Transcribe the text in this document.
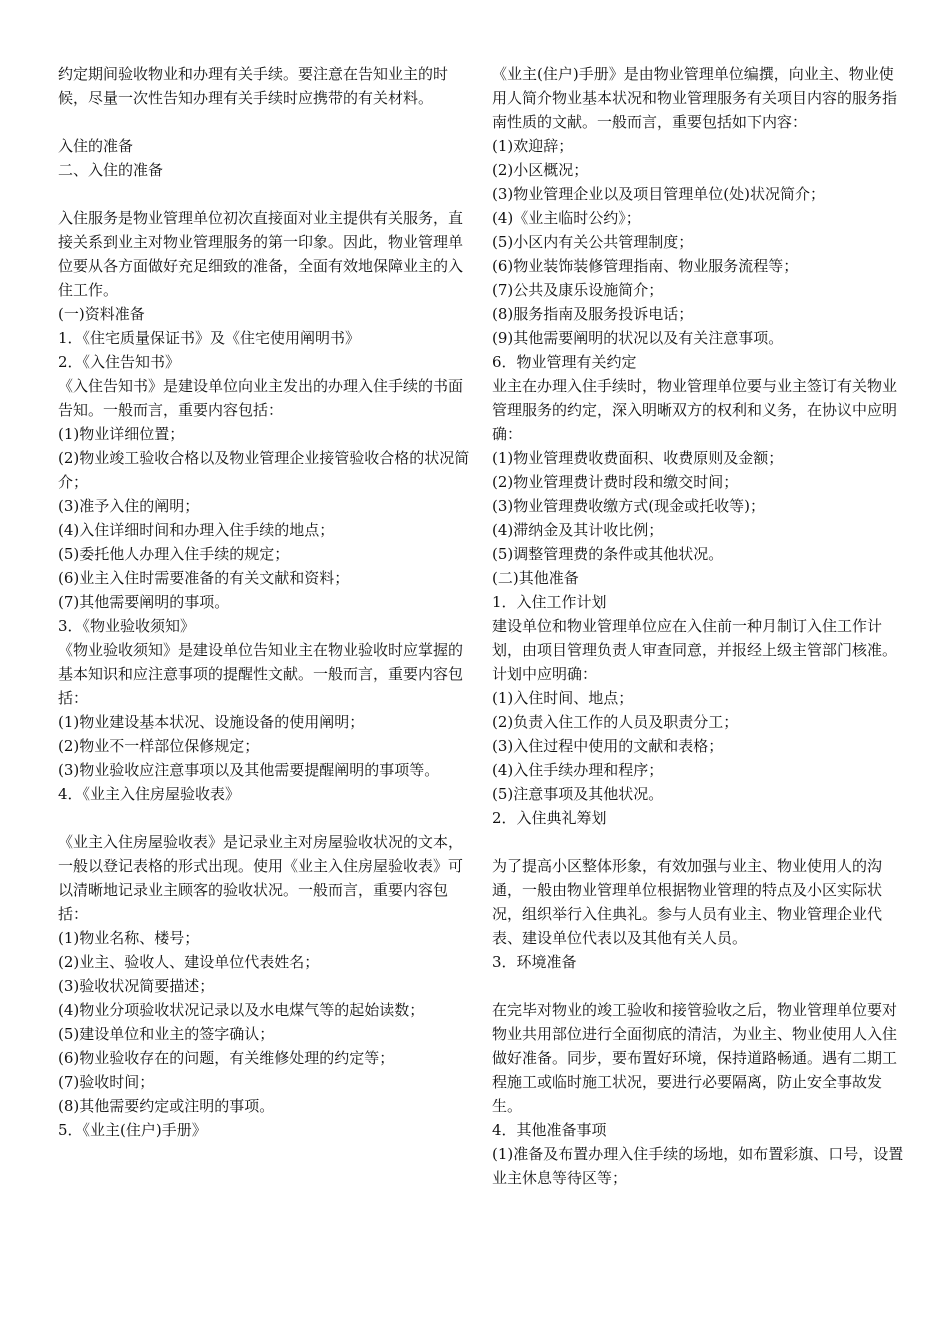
约定期间验收物业和办理有关手续。要注意在告知业主的时候，尽量一次性告知办理有关手续时应携带的有关材料。

入住的准备

二、入住的准备

入住服务是物业管理单位初次直接面对业主提供有关服务，直接关系到业主对物业管理服务的第一印象。因此，物业管理单位要从各方面做好充足细致的准备，全面有效地保障业主的入住工作。

(一)资料准备

1．《住宅质量保证书》及《住宅使用阐明书》

2．《入住告知书》

《入住告知书》是建设单位向业主发出的办理入住手续的书面告知。一般而言，重要内容包括：

(1)物业详细位置；

(2)物业竣工验收合格以及物业管理企业接管验收合格的状况简介；

(3)准予入住的阐明；

(4)入住详细时间和办理入住手续的地点；

(5)委托他人办理入住手续的规定；

(6)业主入住时需要准备的有关文献和资料；

(7)其他需要阐明的事项。

3．《物业验收须知》

《物业验收须知》是建设单位告知业主在物业验收时应掌握的基本知识和应注意事项的提醒性文献。一般而言，重要内容包括：

(1)物业建设基本状况、设施设备的使用阐明；

(2)物业不一样部位保修规定；

(3)物业验收应注意事项以及其他需要提醒阐明的事项等。

4．《业主入住房屋验收表》

《业主入住房屋验收表》是记录业主对房屋验收状况的文本，一般以登记表格的形式出现。使用《业主入住房屋验收表》可以清晰地记录业主顾客的验收状况。一般而言，重要内容包括：

(1)物业名称、楼号；

(2)业主、验收人、建设单位代表姓名；

(3)验收状况简要描述；

(4)物业分项验收状况记录以及水电煤气等的起始读数；

(5)建设单位和业主的签字确认；

(6)物业验收存在的问题，有关维修处理的约定等；

(7)验收时间；

(8)其他需要约定或注明的事项。

5．《业主(住户)手册》

《业主(住户)手册》是由物业管理单位编撰，向业主、物业使用人简介物业基本状况和物业管理服务有关项目内容的服务指南性质的文献。一般而言，重要包括如下内容：

(1)欢迎辞；

(2)小区概况；

(3)物业管理企业以及项目管理单位(处)状况简介；

(4)《业主临时公约》；

(5)小区内有关公共管理制度；

(6)物业装饰装修管理指南、物业服务流程等；

(7)公共及康乐设施简介；

(8)服务指南及服务投诉电话；

(9)其他需要阐明的状况以及有关注意事项。

6．物业管理有关约定

业主在办理入住手续时，物业管理单位要与业主签订有关物业管理服务的约定，深入明晰双方的权利和义务，在协议中应明确：

(1)物业管理费收费面积、收费原则及金额；

(2)物业管理费计费时段和缴交时间；

(3)物业管理费收缴方式(现金或托收等)；

(4)滞纳金及其计收比例；

(5)调整管理费的条件或其他状况。

(二)其他准备

1．入住工作计划

建设单位和物业管理单位应在入住前一种月制订入住工作计划，由项目管理负责人审查同意，并报经上级主管部门核准。计划中应明确：

(1)入住时间、地点；

(2)负责入住工作的人员及职责分工；

(3)入住过程中使用的文献和表格；

(4)入住手续办理和程序；

(5)注意事项及其他状况。

2．入住典礼筹划

为了提高小区整体形象，有效加强与业主、物业使用人的沟通，一般由物业管理单位根据物业管理的特点及小区实际状况，组织举行入住典礼。参与人员有业主、物业管理企业代表、建设单位代表以及其他有关人员。

3．环境准备

在完毕对物业的竣工验收和接管验收之后，物业管理单位要对物业共用部位进行全面彻底的清洁，为业主、物业使用人入住做好准备。同步，要布置好环境，保持道路畅通。遇有二期工程施工或临时施工状况，要进行必要隔离，防止安全事故发生。

4．其他准备事项

(1)准备及布置办理入住手续的场地，如布置彩旗、口号，设置业主休息等待区等；
